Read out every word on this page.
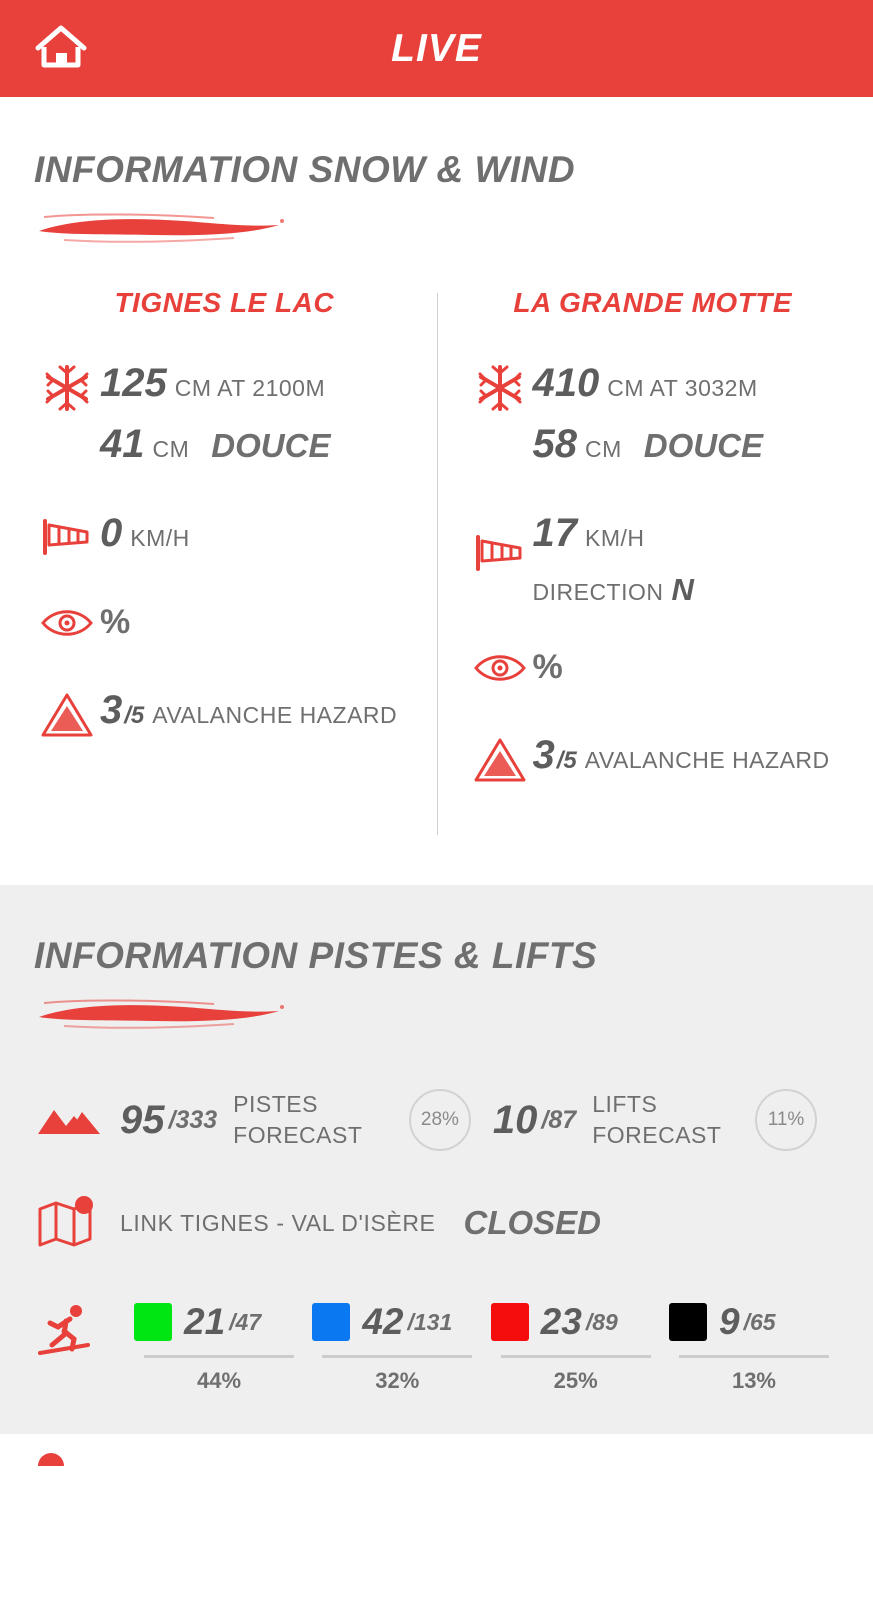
LIVE
INFORMATION SNOW & WIND
TIGNES LE LAC
125 CM AT 2100M
41 CM DOUCE
0 KM/H
%
3 /5 AVALANCHE HAZARD
LA GRANDE MOTTE
410 CM AT 3032M
58 CM DOUCE
17 KM/H
DIRECTION N
%
3 /5 AVALANCHE HAZARD
INFORMATION PISTES & LIFTS
95 /333
PISTES FORECAST
28% 10 /87
LIFTS FORECAST
11%
LINK TIGNES - VAL D'ISÈRE CLOSED
21 /47
44%
42 /131
32%
23 /89
25%
9 /65
13%
